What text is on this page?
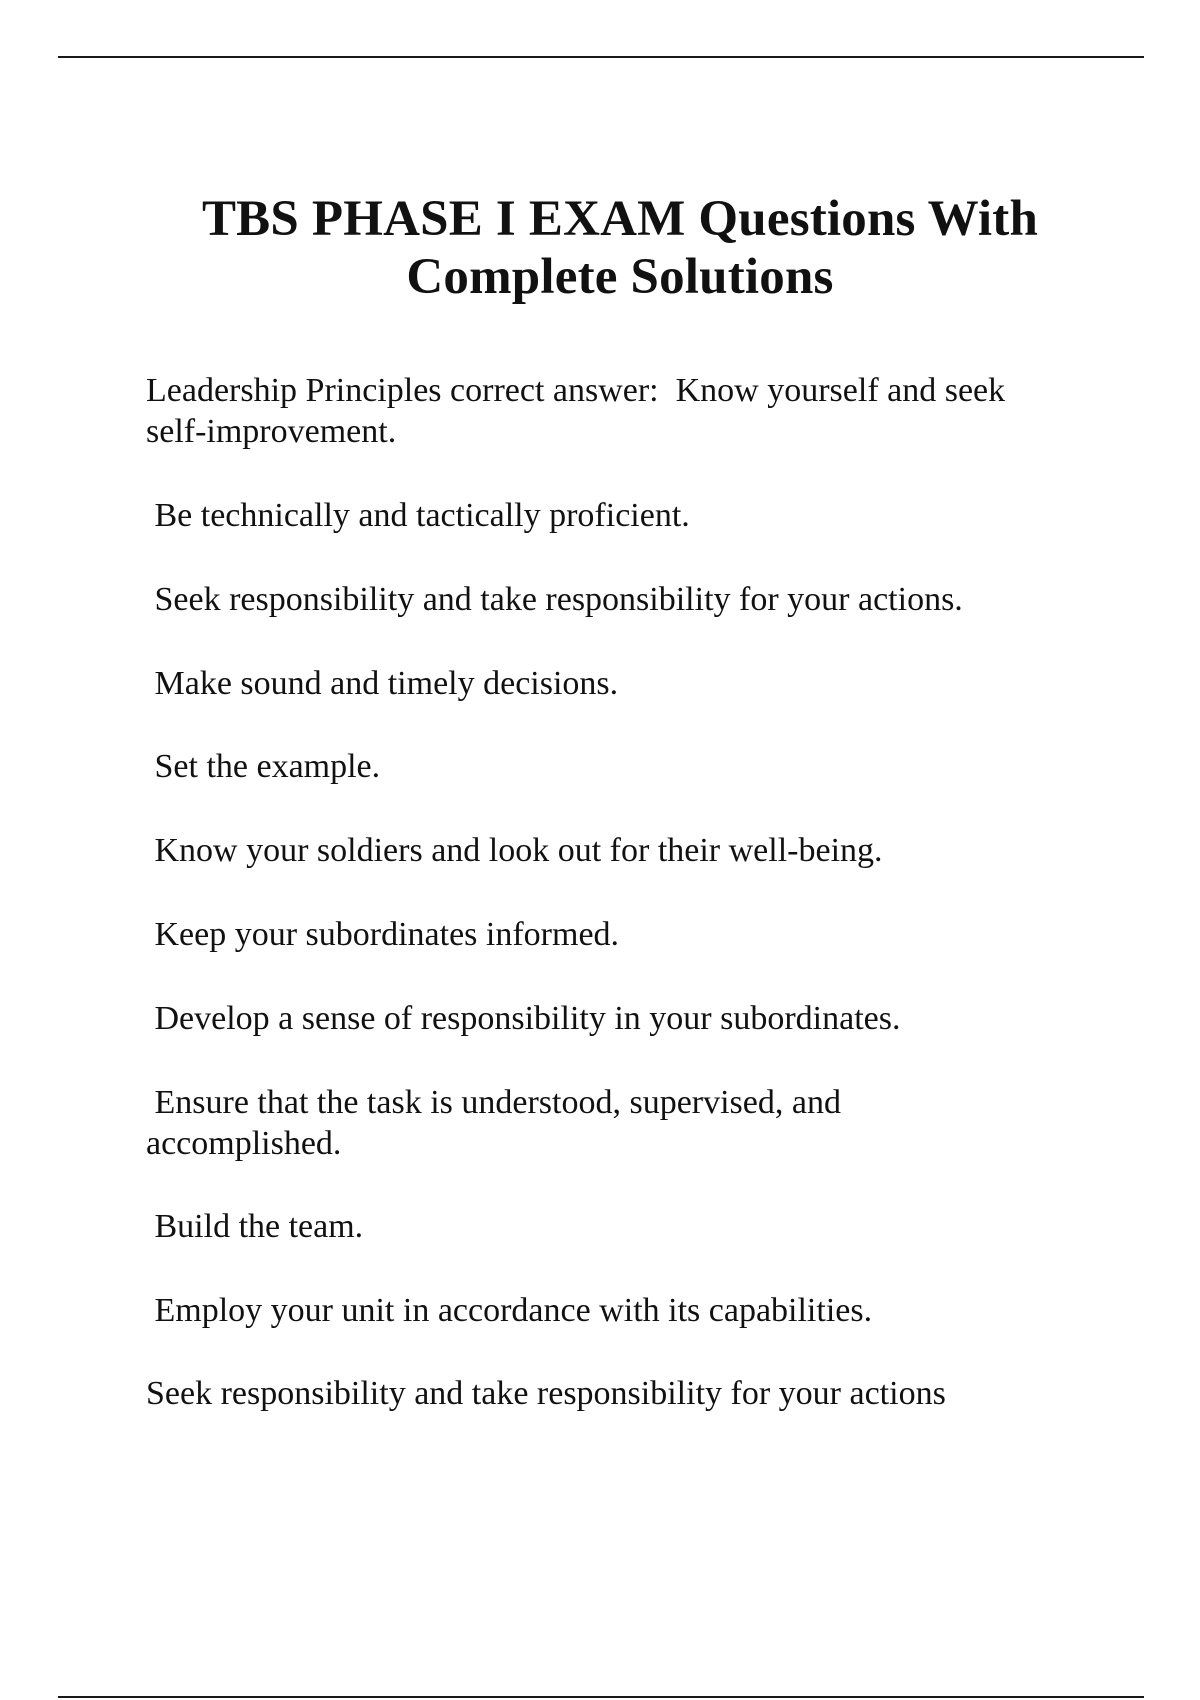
TBS PHASE I EXAM Questions With
Complete Solutions

Leadership Principles correct answer:  Know yourself and seek
self-improvement.

Be technically and tactically proficient.

Seek responsibility and take responsibility for your actions.

Make sound and timely decisions.

Set the example.

Know your soldiers and look out for their well-being.

Keep your subordinates informed.

Develop a sense of responsibility in your subordinates.

Ensure that the task is understood, supervised, and
accomplished.

Build the team.

Employ your unit in accordance with its capabilities.

Seek responsibility and take responsibility for your actions
